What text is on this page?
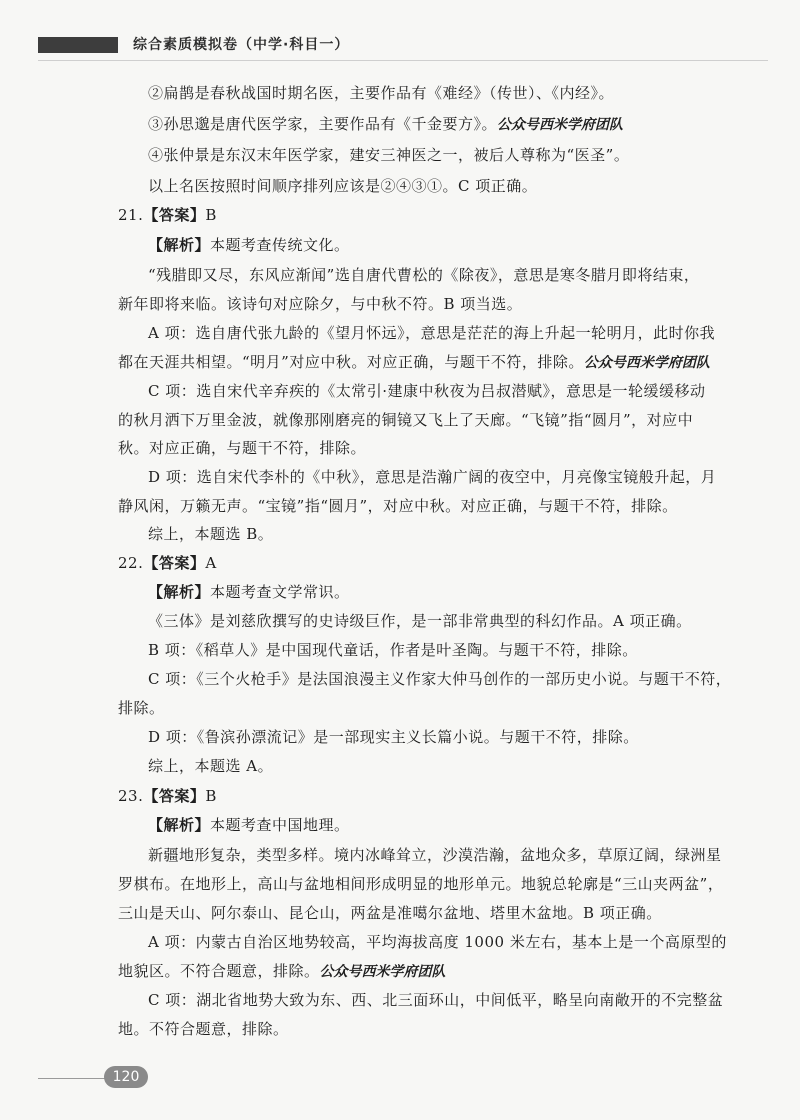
综合素质模拟卷（中学·科目一）
②扁鹊是春秋战国时期名医，主要作品有《难经》（传世）、《内经》。
③孙思邈是唐代医学家，主要作品有《千金要方》。公众号西米学府团队
④张仲景是东汉末年医学家，建安三神医之一，被后人尊称为“医圣”。
以上名医按照时间顺序排列应该是②④③①。C 项正确。
21.【答案】B
【解析】本题考查传统文化。
“残腊即又尽，东风应渐闻”选自唐代曹松的《除夜》，意思是寒冬腊月即将结束，
新年即将来临。该诗句对应除夕，与中秋不符。B 项当选。
A 项：选自唐代张九龄的《望月怀远》，意思是茫茫的海上升起一轮明月，此时你我
都在天涯共相望。“明月”对应中秋。对应正确，与题干不符，排除。公众号西米学府团队
C 项：选自宋代辛弃疾的《太常引·建康中秋夜为吕叔潜赋》，意思是一轮缓缓移动
的秋月洒下万里金波，就像那刚磨亮的铜镜又飞上了天廊。“飞镜”指“圆月”，对应中
秋。对应正确，与题干不符，排除。
D 项：选自宋代李朴的《中秋》，意思是浩瀚广阔的夜空中，月亮像宝镜般升起，月
静风闲，万籁无声。“宝镜”指“圆月”，对应中秋。对应正确，与题干不符，排除。
综上，本题选 B。
22.【答案】A
【解析】本题考查文学常识。
《三体》是刘慈欣撰写的史诗级巨作，是一部非常典型的科幻作品。A 项正确。
B 项：《稻草人》是中国现代童话，作者是叶圣陶。与题干不符，排除。
C 项：《三个火枪手》是法国浪漫主义作家大仲马创作的一部历史小说。与题干不符，
排除。
D 项：《鲁滨孙漂流记》是一部现实主义长篇小说。与题干不符，排除。
综上，本题选 A。
23.【答案】B
【解析】本题考查中国地理。
新疆地形复杂，类型多样。境内冰峰耸立，沙漠浩瀚，盆地众多，草原辽阔，绿洲星
罗棋布。在地形上，高山与盆地相间形成明显的地形单元。地貌总轮廓是“三山夹两盆”，
三山是天山、阿尔泰山、昆仑山，两盆是准噶尔盆地、塔里木盆地。B 项正确。
A 项：内蒙古自治区地势较高，平均海拔高度 1000 米左右，基本上是一个高原型的
地貌区。不符合题意，排除。公众号西米学府团队
C 项：湖北省地势大致为东、西、北三面环山，中间低平，略呈向南敞开的不完整盆
地。不符合题意，排除。
120
